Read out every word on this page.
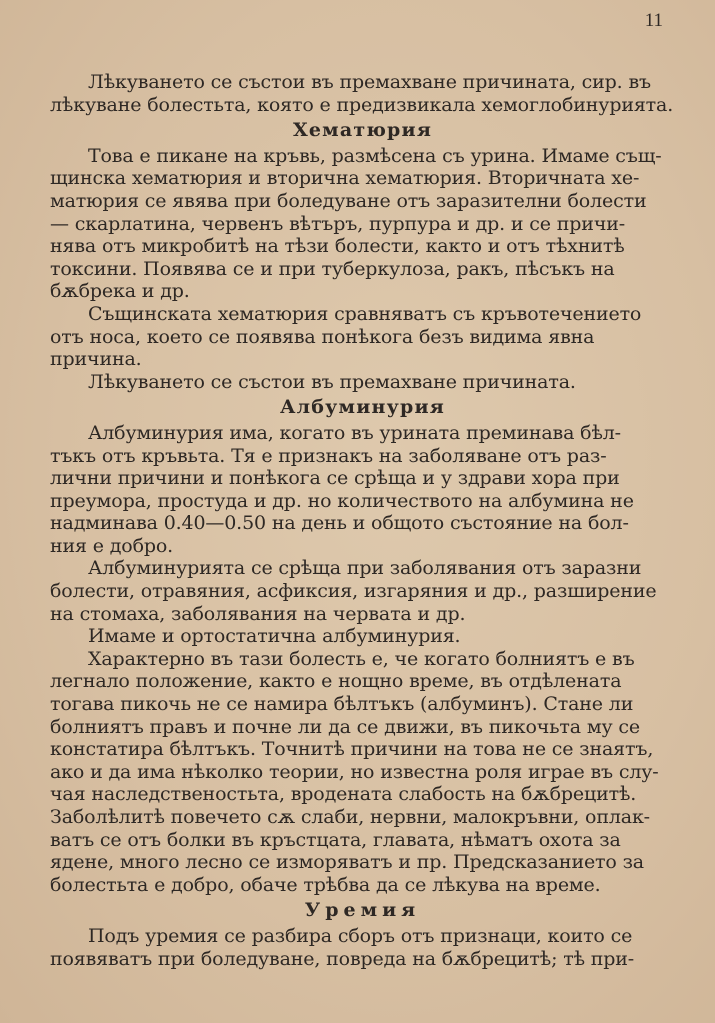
11
Лѣкуването се състои въ премахване причината, сир. въ
лѣкуване болестьта, която е предизвикала хемоглобинурията.
Хематюрия
Това е пикане на кръвь, размѣсена съ урина. Имаме същ-
щинска хематюрия и вторична хематюрия. Вторичната хе-
матюрия се явява при боледуване отъ заразителни болести
— скарлатина, червенъ вѣтъръ, пурпура и др. и се причи-
нява отъ микробитѣ на тѣзи болести, както и отъ тѣхнитѣ
токсини. Появява се и при туберкулоза, ракъ, пѣсъкъ на
бѫбрека и др.
Същинската хематюрия сравняватъ съ кръвотечението
отъ носа, което се появява понѣкога безъ видима явна
причина.
Лѣкуването се състои въ премахване причината.
Албуминурия
Албуминурия има, когато въ урината преминава бѣл-
тъкъ отъ кръвьта. Тя е признакъ на заболяване отъ раз-
лични причини и понѣкога се срѣща и у здрави хора при
преумора, простуда и др. но количеството на албумина не
надминава 0.40—0.50 на день и общото състояние на бол-
ния е добро.
Албуминурията се срѣща при заболявания отъ заразни
болести, отравяния, асфиксия, изгаряния и др., разширение
на стомаха, заболявания на червата и др.
Имаме и ортостатична албуминурия.
Характерно въ тази болесть е, че когато болниятъ е въ
легнало положение, както е нощно време, въ отдѣлената
тогава пикочь не се намира бѣлтъкъ (албуминъ). Стане ли
болниятъ правъ и почне ли да се движи, въ пикочьта му се
констатира бѣлтъкъ. Точнитѣ причини на това не се знаятъ,
ако и да има нѣколко теории, но известна роля играе въ слу-
чая наследственостьта, вродената слабость на бѫбрецитѣ.
Заболѣлитѣ повечето сѫ слаби, нервни, малокръвни, оплак-
ватъ се отъ болки въ кръстцата, главата, нѣматъ охота за
ядене, много лесно се изморяватъ и пр. Предсказанието за
болестьта е добро, обаче трѣбва да се лѣкува на време.
Уремия
Подъ уремия се разбира сборъ отъ признаци, които се
появяватъ при боледуване, повреда на бѫбрецитѣ; тѣ при-
